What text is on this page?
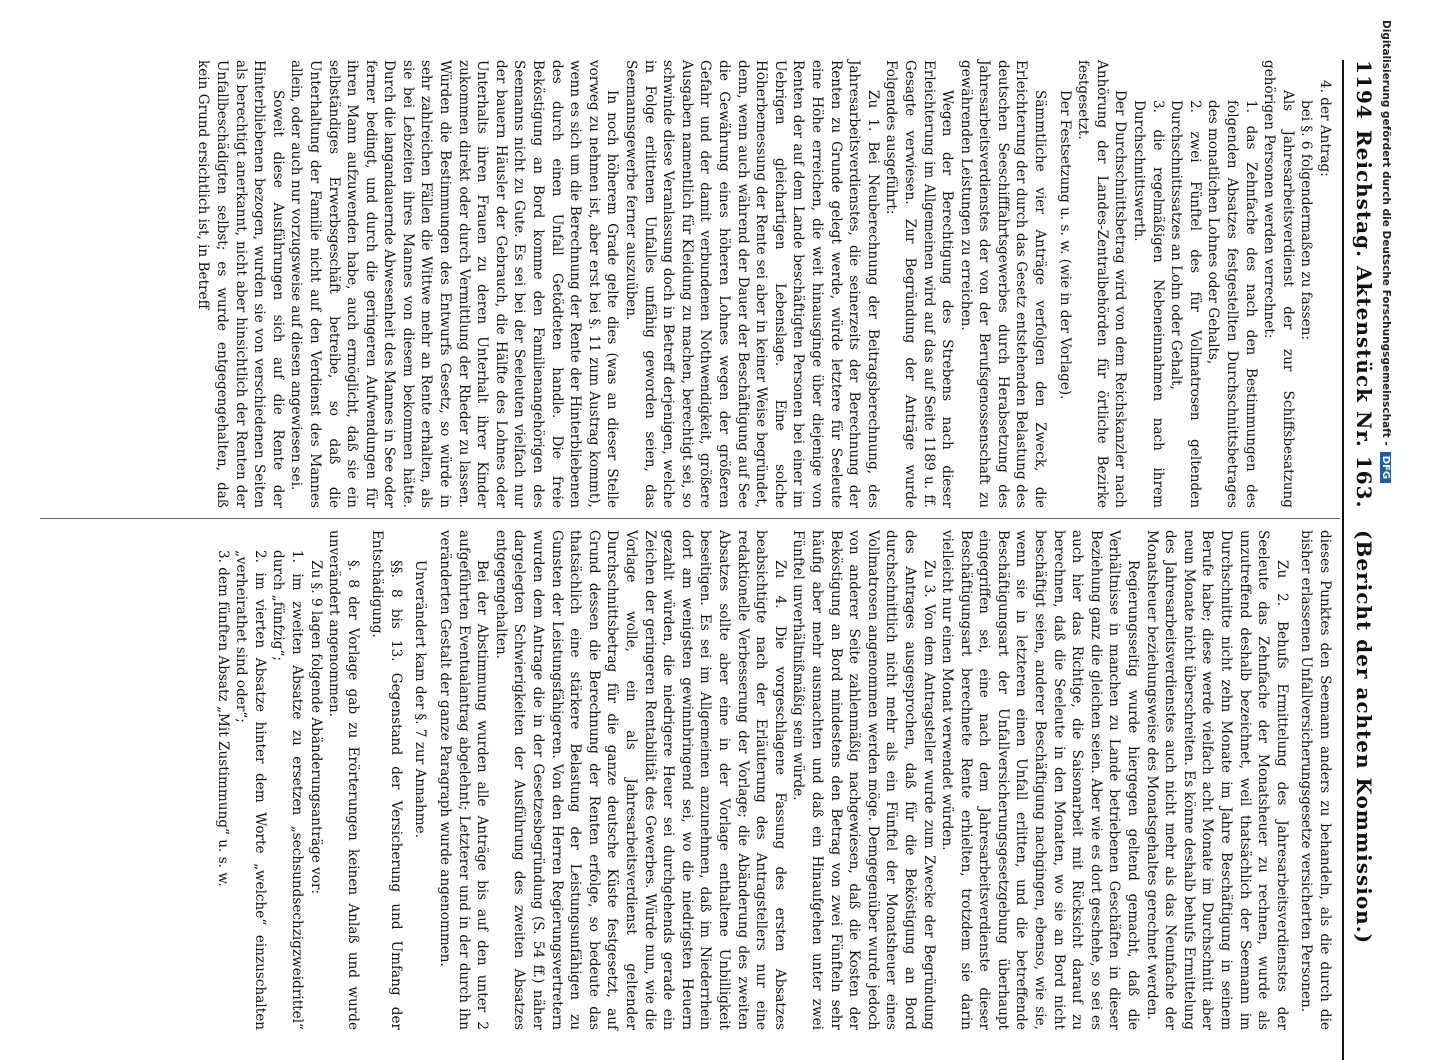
1194
Reichstag. Aktenstück Nr. 163.
(Bericht der achten Kommission.)

4. der Antrag:

bei §. 6 folgendermaßen zu fassen:

Als Jahresarbeitsverdienst der zur Schiffsbesatzung gehörigen Personen werden verrechnet:

1. das Zehnfache des nach den Bestimmungen des folgenden Absatzes festgestellten Durchschnittsbetrages des monatlichen Lohnes oder Gehalts,

2. zwei Fünftel des für Vollmatrosen geltenden Durchschnittssatzes an Lohn oder Gehalt,

3. die regelmäßigen Nebeneinnahmen nach ihrem Durchschnittswerth.

Der Durchschnittsbetrag wird von dem Reichskanzler nach Anhörung der Landes-Zentralbehörden für örtliche Bezirke festgesetzt.

Der Festsetzung u. s. w. (wie in der Vorlage).

Sämmtliche vier Anträge verfolgen den Zweck, die Erleichterung der durch das Gesetz entstehenden Belastung des deutschen Seeschifffahrtsgewerbes durch Herabsetzung des Jahresarbeitsverdienstes der von der Berufsgenossenschaft zu gewährenden Leistungen zu erreichen.

Wegen der Berechtigung des Strebens nach dieser Erleichterung im Allgemeinen wird auf das auf Seite 1189 u. ff. Gesagte verwiesen. Zur Begründung der Anträge wurde Folgendes ausgeführt:

Zu 1. Bei Neuberechnung der Beitragsberechnung, des Jahresarbeitsverdienstes, die seinerzeits der Berechnung der Renten zu Grunde gelegt werde, würde letztere für Seeleute eine Höhe erreichen, die weit hinausginge über diejenige von Renten der auf dem Lande beschäftigten Personen bei einer im Uebrigen gleichartigen Lebenslage. Eine solche Höherbemessung der Rente sei aber in keiner Weise begründet, denn, wenn auch während der Dauer der Beschäftigung auf See die Gewährung eines höheren Lohnes wegen der größeren Gefahr und der damit verbundenen Nothwendigkeit, größere Ausgaben namentlich für Kleidung zu machen, berechtigt sei, so schwinde diese Veranlassung doch in Betreff derjenigen, welche in Folge erlittenen Unfalles unfähig geworden seien, das Seemannsgewerbe ferner auszuüben.

In noch höherem Grade gelte dies (was an dieser Stelle vorweg zu nehmen ist, aber erst bei §. 11 zum Austrag kommt), wenn es sich um die Berechnung der Rente der Hinterbliebenen des durch einen Unfall Getödteten handle. Die freie Beköstigung an Bord komme den Familienangehörigen des Seemanns nicht zu Gute. Es sei bei der Seeleuten vielfach nur der bauern Häusler der Gebrauch, die Hälfte des Lohnes oder Unterhalts ihren Frauen zu deren Unterhalt ihrer Kinder zukommen direkt oder durch Vermittlung der Rheder zu lassen. Würden die Bestimmungen des Entwurfs Gesetz, so würde in sehr zahlreichen Fällen die Wittwe mehr an Rente erhalten, als sie bei Lebzeiten ihres Mannes von diesem bekommen hätte. Durch die langandauernde Abwesenheit des Mannes in See oder ferner bedingt, und durch die geringeren Aufwendungen für ihren Mann aufzuwenden habe, auch ermöglicht, daß sie ein selbständiges Erwerbsgeschäft betreibe, so daß die Unterhaltung der Familie nicht auf den Verdienst des Mannes allein, oder auch nur vorzugsweise auf diesen angewiesen sei.

Soweit diese Ausführungen sich auf die Rente der Hinterbliebenen bezogen, wurden sie von verschiedenen Seiten als berechtigt anerkannt, nicht aber hinsichtlich der Renten der Unfallbeschädigten selbst; es wurde entgegengehalten, daß kein Grund ersichtlich ist, in Betreff

dieses Punktes den Seemann anders zu behandeln, als die durch die bisher erlassenen Unfallversicherungsgesetze versicherten Personen.

Zu 2. Behufs Ermittelung des Jahresarbeitsverdienstes der Seeleute das Zehnfache der Monatsheuer zu rechnen, wurde als unzutreffend deshalb bezeichnet, weil thatsächlich der Seemann im Durchschnitte nicht zehn Monate im Jahre Beschäftigung in seinem Berufe habe; diese werde vielfach acht Monate im Durchschnitt aber neun Monate nicht überschreiten. Es könne deshalb behufs Ermittelung des Jahresarbeitsverdienstes auch nicht mehr als das Neunfache der Monatsheuer beziehungsweise des Monatsgehaltes gerechnet werden.

Regierungsseitig wurde hiergegen geltend gemacht, daß die Verhältnisse in manchen zu Lande betriebenen Geschäften in dieser Beziehung ganz die gleichen seien. Aber wie es dort geschehe, so sei es auch hier das Richtige, die Saisonarbeit mit Rücksicht darauf zu berechnen, daß die Seeleute in den Monaten, wo sie an Bord nicht beschäftigt seien, anderer Beschäftigung nachgingen, ebenso, wie sie, wenn sie in letzteren einen Unfall erlitten, und die betreffende Beschäftigungsart der Unfallversicherungsgesetzgebung überhaupt eingegriffen sei, eine nach dem Jahresarbeitsverdienste dieser Beschäftigungsart berechnete Rente erhielten, trotzdem sie darin vielleicht nur einen Monat verwendet würden.

Zu 3. Von dem Antragsteller wurde zum Zwecke der Begründung des Antrages ausgesprochen, daß für die Beköstigung an Bord durchschnittlich nicht mehr als ein Fünftel der Monatsheuer eines Vollmatrosen angenommen werden möge. Demgegenüber wurde jedoch von anderer Seite zahlenmäßig nachgewiesen, daß die Kosten der Beköstigung an Bord mindestens den Betrag von zwei Fünfteln sehr häufig aber mehr ausmachten und daß ein Hinaufgehen unter zwei Fünftel unverhältnißmäßig sein würde.

Zu 4. Die vorgeschlagene Fassung des ersten Absatzes beabsichtigte nach der Erläuterung des Antragstellers nur eine redaktionelle Verbesserung der Vorlage; die Abänderung des zweiten Absatzes sollte aber eine in der Vorlage enthaltene Unbilligkeit beseitigen. Es sei im Allgemeinen anzunehmen, daß im Niederrhein dort am wenigsten gewinnbringend sei, wo die niedrigsten Heuern gezahlt würden, die niedrigere Heuer sei durchgehends gerade ein Zeichen der geringeren Rentabilität des Gewerbes. Würde nun, wie die Vorlage wolle, ein als Jahresarbeitsverdienst geltender Durchschnittsbetrag für die ganze deutsche Küste festgesetzt, auf Grund dessen die Berechnung der Renten erfolge, so bedeute das thatsächlich eine stärkere Belastung der Leistungsunfähigen zu Gunsten der Leistungsfähigeren. Von den Herren Regierungsvertretern wurden dem Antrage die in der Gesetzesbegründung (S. 54 ff.) näher dargelegten Schwierigkeiten der Ausführung des zweiten Absatzes entgegengehalten.

Bei der Abstimmung wurden alle Anträge bis auf den unter 2 aufgeführten Eventualantrag abgelehnt; Letzterer und in der durch ihn veränderten Gestalt der ganze Paragraph wurde angenommen.

Unverändert kam der §. 7 zur Annahme.

§§. 8 bis 13. Gegenstand der Versicherung und Umfang der Entschädigung.

§. 8 der Vorlage gab zu Erörterungen keinen Anlaß und wurde unverändert angenommen.

Zu §. 9 lagen folgende Abänderungsanträge vor:

1. im zweiten Absatze zu ersetzen „sechsundsechzigzweidrittel“ durch „fünfzig“;

2. im vierten Absatze hinter dem Worte „welche“ einzuschalten „verheirathet sind oder“;

3. dem fünften Absatz „Mit Zustimmung“ u. s. w.

Digitalisierung gefördert durch die Deutsche Forschungsgemeinschaft -DFG
